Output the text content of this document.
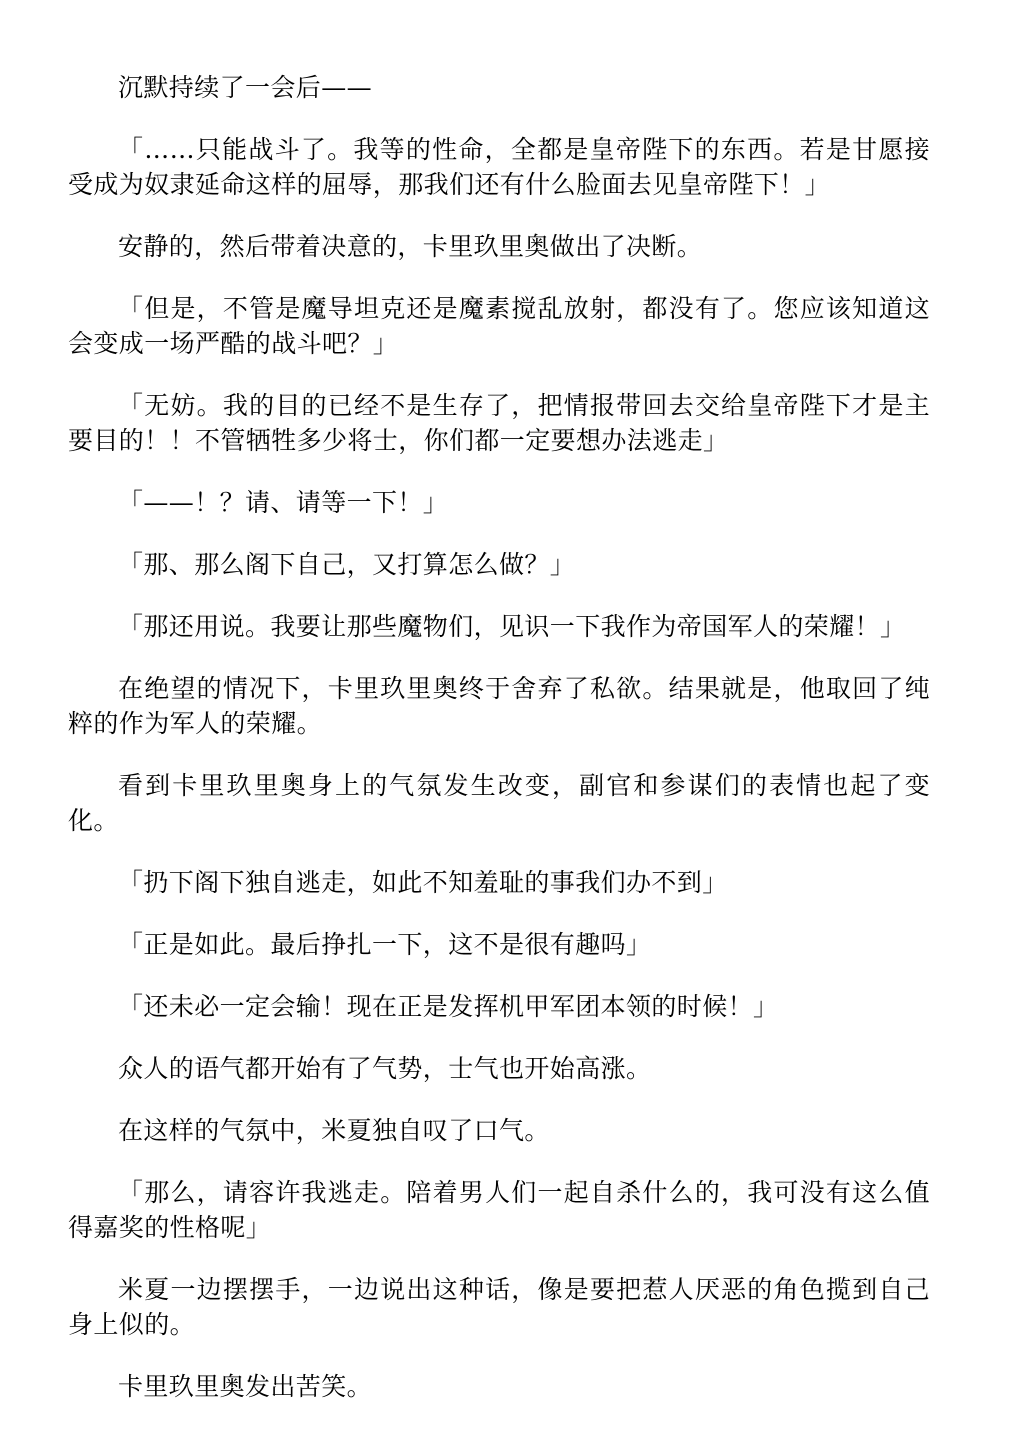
沉默持续了一会后——

「……只能战斗了。我等的性命，全都是皇帝陛下的东西。若是甘愿接受成为奴隶延命这样的屈辱，那我们还有什么脸面去见皇帝陛下！」

安静的，然后带着决意的，卡里玖里奥做出了决断。

「但是，不管是魔导坦克还是魔素搅乱放射，都没有了。您应该知道这会变成一场严酷的战斗吧？」

「无妨。我的目的已经不是生存了，把情报带回去交给皇帝陛下才是主要目的！！不管牺牲多少将士，你们都一定要想办法逃走」

「——！？请、请等一下！」

「那、那么阁下自己，又打算怎么做？」

「那还用说。我要让那些魔物们，见识一下我作为帝国军人的荣耀！」

在绝望的情况下，卡里玖里奥终于舍弃了私欲。结果就是，他取回了纯粹的作为军人的荣耀。

看到卡里玖里奥身上的气氛发生改变，副官和参谋们的表情也起了变化。

「扔下阁下独自逃走，如此不知羞耻的事我们办不到」

「正是如此。最后挣扎一下，这不是很有趣吗」

「还未必一定会输！现在正是发挥机甲军团本领的时候！」

众人的语气都开始有了气势，士气也开始高涨。

在这样的气氛中，米夏独自叹了口气。

「那么，请容许我逃走。陪着男人们一起自杀什么的，我可没有这么值得嘉奖的性格呢」

米夏一边摆摆手，一边说出这种话，像是要把惹人厌恶的角色揽到自己身上似的。

卡里玖里奥发出苦笑。
